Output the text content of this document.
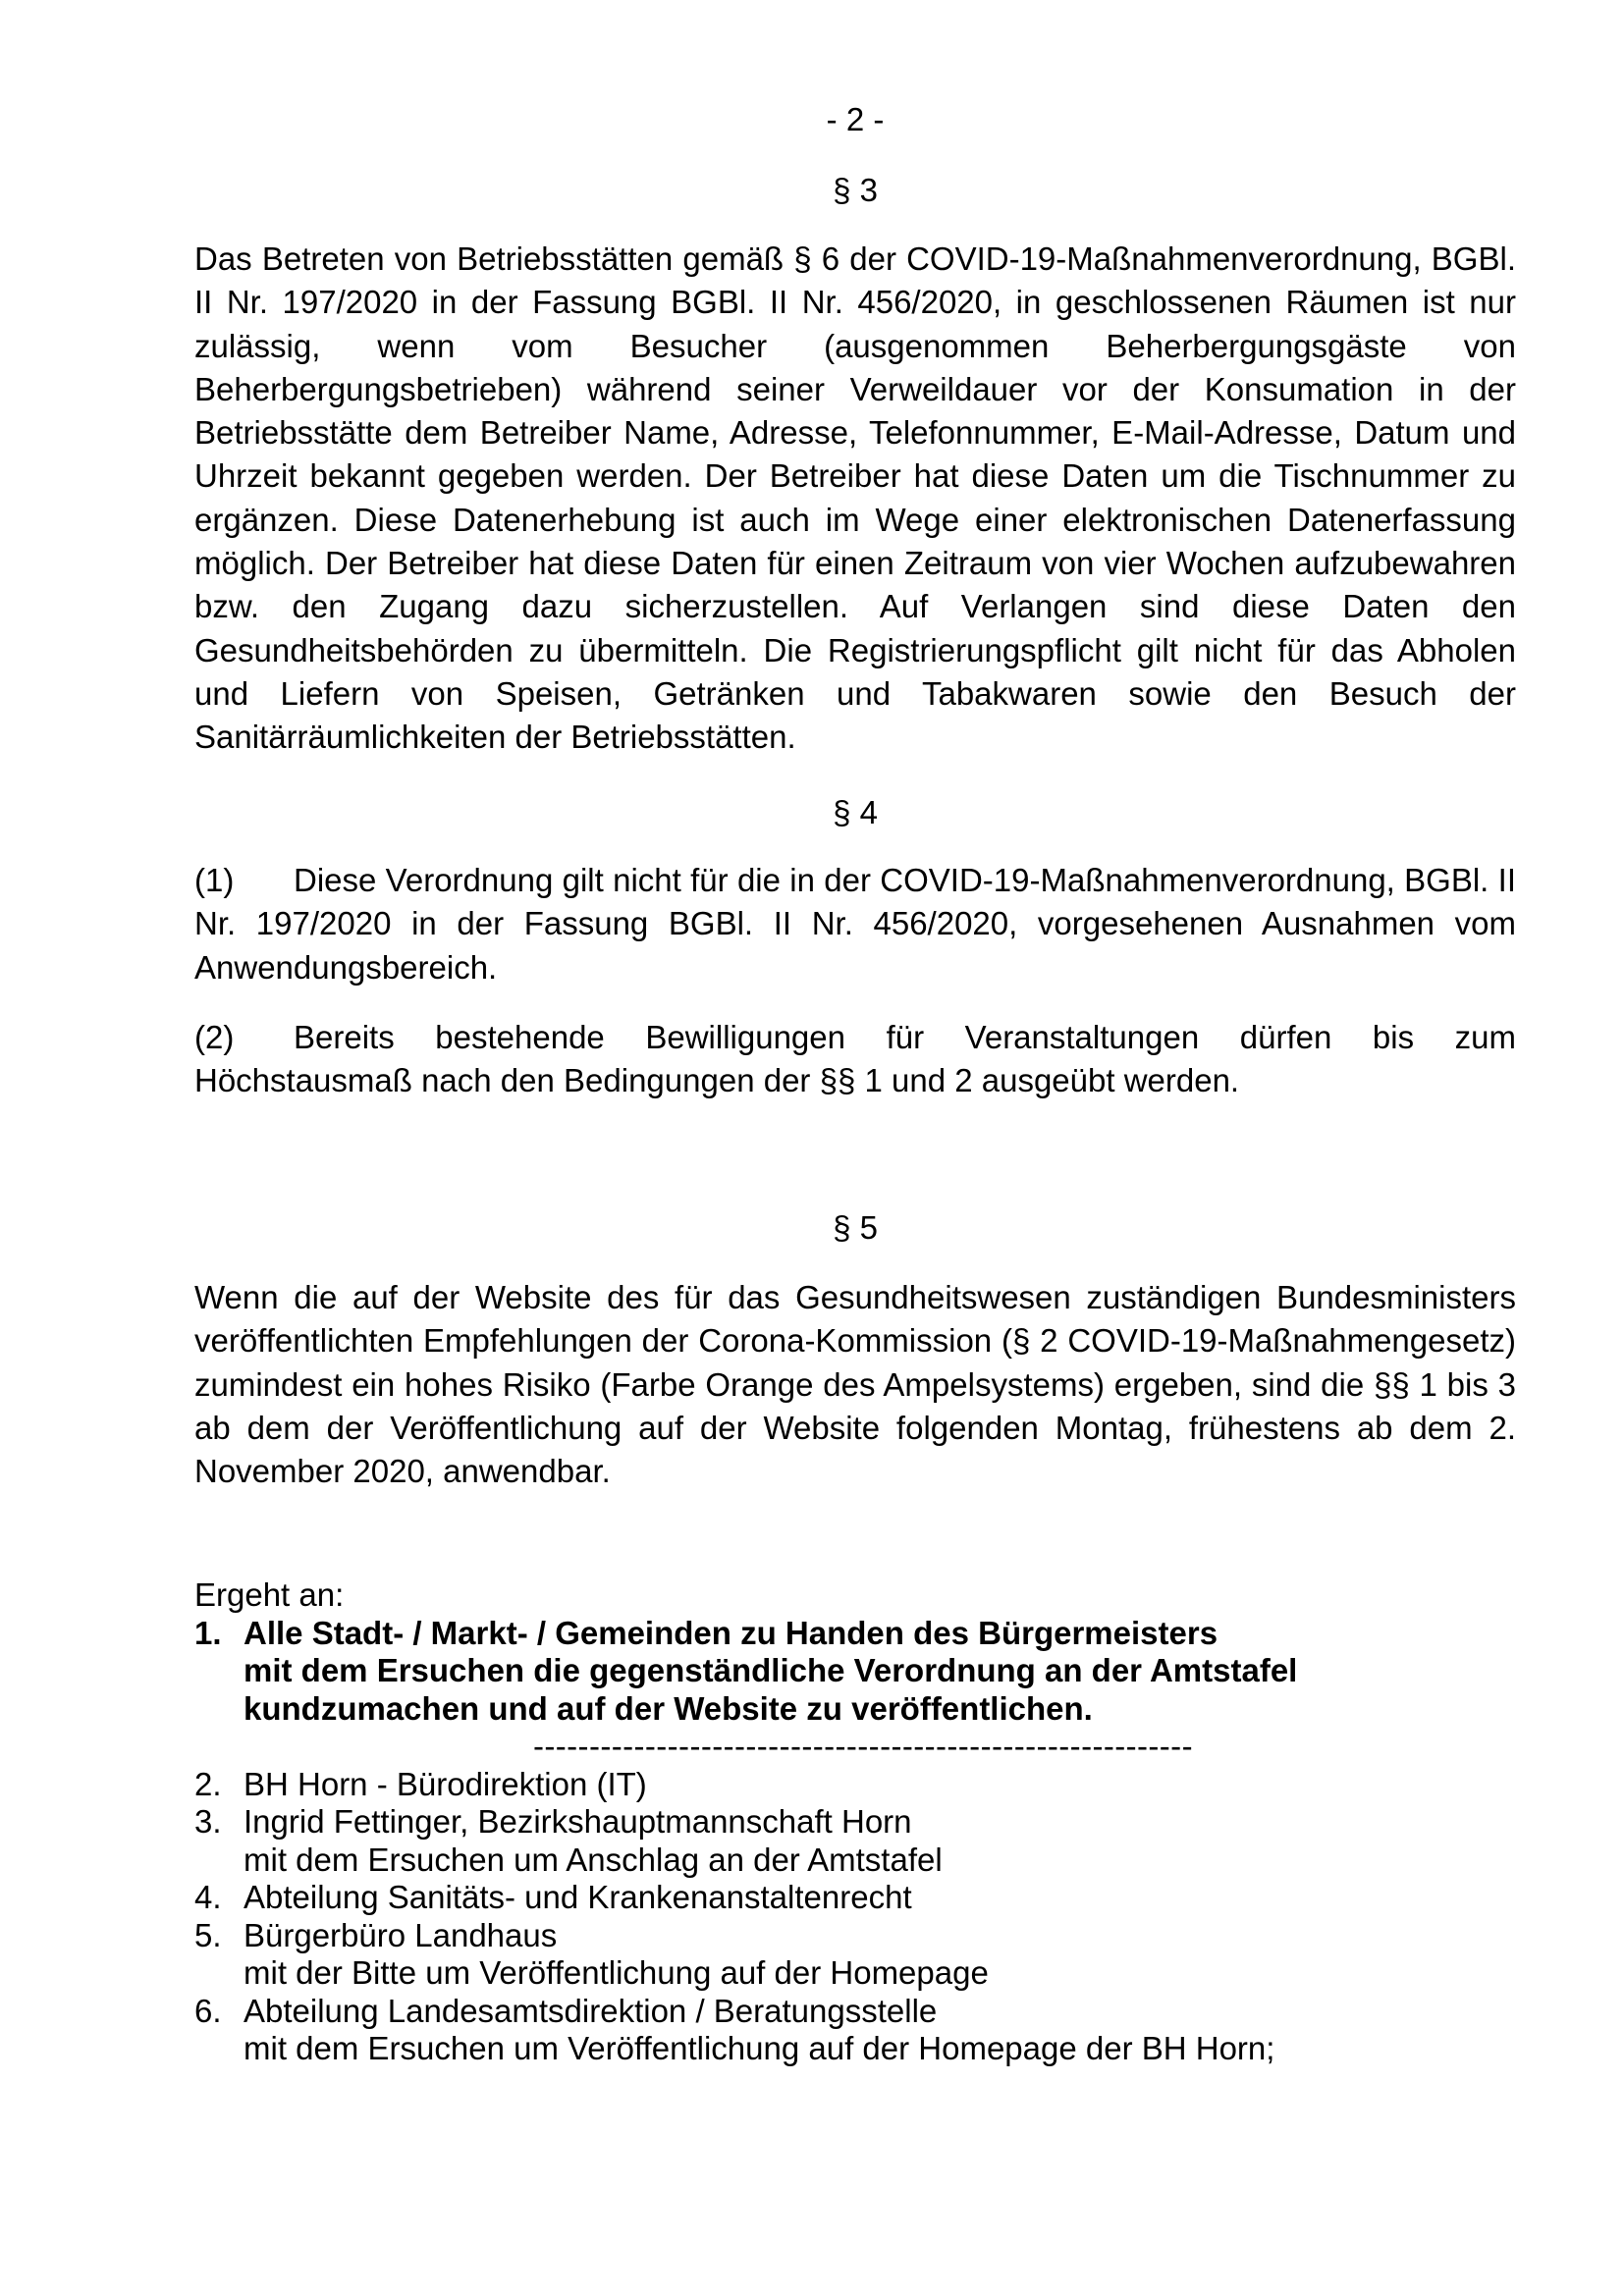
- 2 -
§ 3

Das Betreten von Betriebsstätten gemäß § 6 der COVID-19-Maßnahmenverordnung, BGBl. II Nr. 197/2020 in der Fassung BGBl. II Nr. 456/2020, in geschlossenen Räumen ist nur zulässig, wenn vom Besucher (ausgenommen Beherbergungsgäste von Beherbergungsbetrieben) während seiner Verweildauer vor der Konsumation in der Betriebsstätte dem Betreiber Name, Adresse, Telefonnummer, E-Mail-Adresse, Datum und Uhrzeit bekannt gegeben werden. Der Betreiber hat diese Daten um die Tischnummer zu ergänzen. Diese Datenerhebung ist auch im Wege einer elektronischen Datenerfassung möglich. Der Betreiber hat diese Daten für einen Zeitraum von vier Wochen aufzubewahren bzw. den Zugang dazu sicherzustellen. Auf Verlangen sind diese Daten den Gesundheitsbehörden zu übermitteln. Die Registrierungspflicht gilt nicht für das Abholen und Liefern von Speisen, Getränken und Tabakwaren sowie den Besuch der Sanitärräumlichkeiten der Betriebsstätten.

§ 4

(1) Diese Verordnung gilt nicht für die in der COVID-19-Maßnahmenverordnung, BGBl. II Nr. 197/2020 in der Fassung BGBl. II Nr. 456/2020, vorgesehenen Ausnahmen vom Anwendungsbereich.

(2) Bereits bestehende Bewilligungen für Veranstaltungen dürfen bis zum Höchstausmaß nach den Bedingungen der §§ 1 und 2 ausgeübt werden.

§ 5

Wenn die auf der Website des für das Gesundheitswesen zuständigen Bundesministers veröffentlichten Empfehlungen der Corona-Kommission (§ 2 COVID-19-Maßnahmengesetz) zumindest ein hohes Risiko (Farbe Orange des Ampelsystems) ergeben, sind die §§ 1 bis 3 ab dem der Veröffentlichung auf der Website folgenden Montag, frühestens ab dem 2. November 2020, anwendbar.

Ergeht an:
1. Alle Stadt- / Markt- / Gemeinden zu Handen des Bürgermeisters
mit dem Ersuchen die gegenständliche Verordnung an der Amtstafel
kundzumachen und auf der Website zu veröffentlichen.
-----------------------------------------------------------
2. BH Horn - Bürodirektion (IT)
3. Ingrid Fettinger, Bezirkshauptmannschaft Horn
mit dem Ersuchen um Anschlag an der Amtstafel
4. Abteilung Sanitäts- und Krankenanstaltenrecht
5. Bürgerbüro Landhaus
mit der Bitte um Veröffentlichung auf der Homepage
6. Abteilung Landesamtsdirektion / Beratungsstelle
mit dem Ersuchen um Veröffentlichung auf der Homepage der BH Horn;
